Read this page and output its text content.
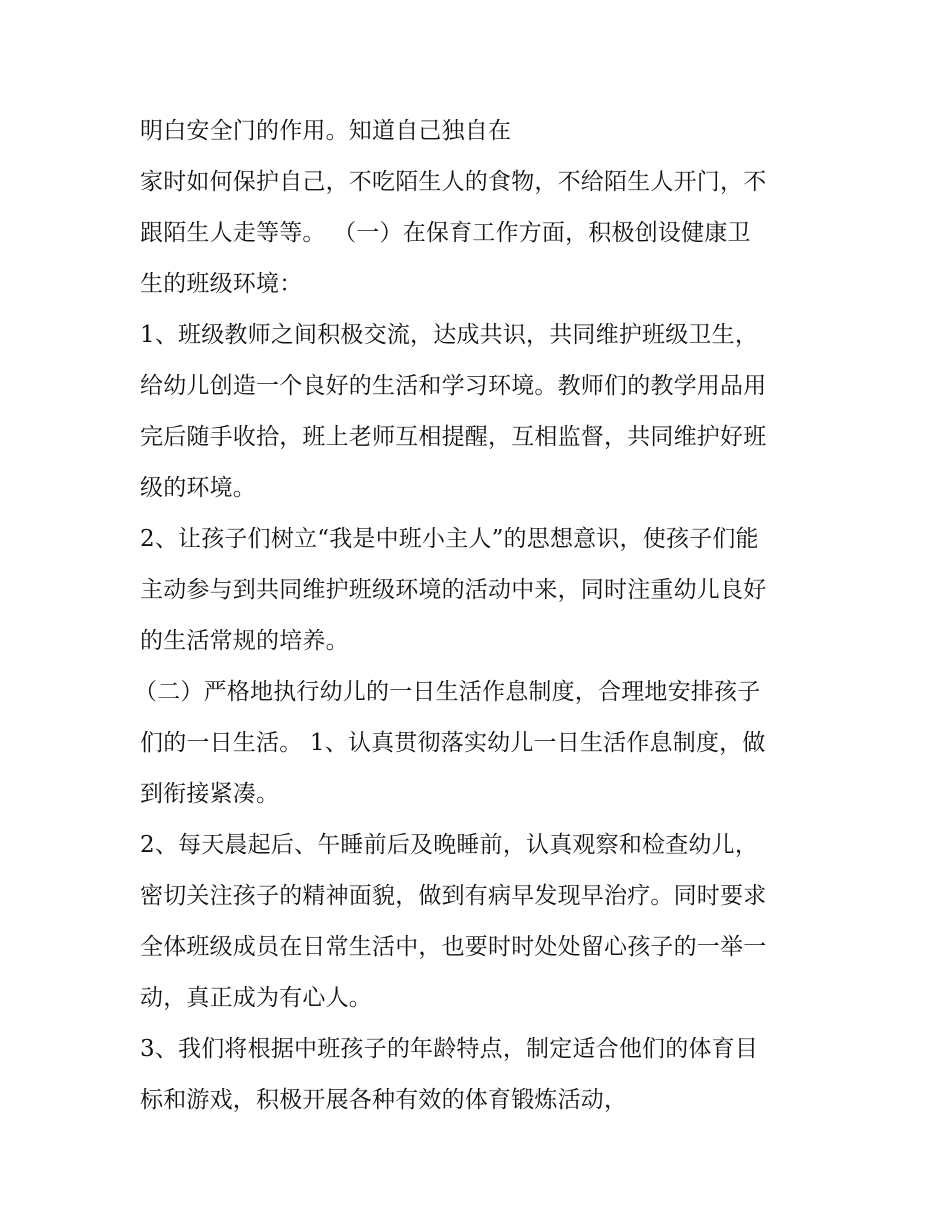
明白安全门的作用。知道自己独自在
家时如何保护自己，不吃陌生人的食物，不给陌生人开门，不
跟陌生人走等等。 （一）在保育工作方面，积极创设健康卫
生的班级环境：
1、班级教师之间积极交流，达成共识，共同维护班级卫生，
给幼儿创造一个良好的生活和学习环境。教师们的教学用品用
完后随手收拾，班上老师互相提醒，互相监督，共同维护好班
级的环境。
2、让孩子们树立“我是中班小主人”的思想意识，使孩子们能
主动参与到共同维护班级环境的活动中来，同时注重幼儿良好
的生活常规的培养。
（二）严格地执行幼儿的一日生活作息制度，合理地安排孩子
们的一日生活。 1、认真贯彻落实幼儿一日生活作息制度，做
到衔接紧凑。
2、每天晨起后、午睡前后及晚睡前，认真观察和检查幼儿，
密切关注孩子的精神面貌，做到有病早发现早治疗。同时要求
全体班级成员在日常生活中，也要时时处处留心孩子的一举一
动，真正成为有心人。
3、我们将根据中班孩子的年龄特点，制定适合他们的体育目
标和游戏，积极开展各种有效的体育锻炼活动，
